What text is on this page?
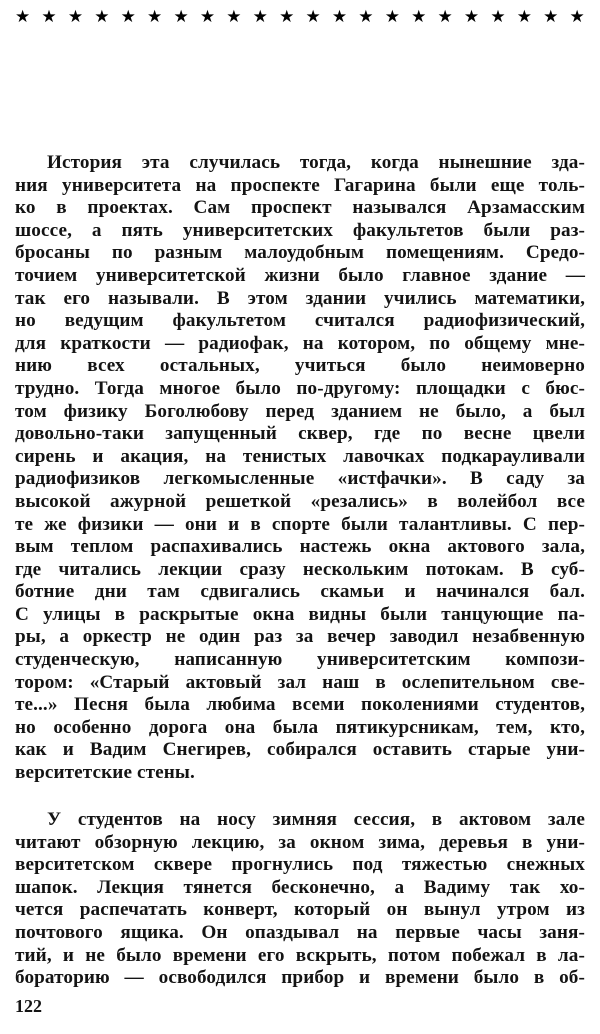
★ ★ ★ ★ ★ ★ ★ ★ ★ ★ ★ ★ ★ ★ ★ ★ ★ ★ ★ ★ ★ ★
История эта случилась тогда, когда нынешние зда-
ния университета на проспекте Гагарина были еще толь-
ко в проектах. Сам проспект назывался Арзамасским
шоссе, а пять университетских факультетов были раз-
бросаны по разным малоудобным помещениям. Средо-
точием университетской жизни было главное здание —
так его называли. В этом здании учились математики,
но ведущим факультетом считался радиофизический,
для краткости — радиофак, на котором, по общему мне-
нию всех остальных, учиться было неимоверно
трудно. Тогда многое было по-другому: площадки с бюс-
том физику Боголюбову перед зданием не было, а был
довольно-таки запущенный сквер, где по весне цвели
сирень и акация, на тенистых лавочках подкарауливали
радиофизиков легкомысленные «истфачки». В саду за
высокой ажурной решеткой «резались» в волейбол все
те же физики — они и в спорте были талантливы. С пер-
вым теплом распахивались настежь окна актового зала,
где читались лекции сразу нескольким потокам. В суб-
ботние дни там сдвигались скамьи и начинался бал.
С улицы в раскрытые окна видны были танцующие па-
ры, а оркестр не один раз за вечер заводил незабвенную
студенческую, написанную университетским компози-
тором: «Старый актовый зал наш в ослепительном све-
те...» Песня была любима всеми поколениями студентов,
но особенно дорога она была пятикурсникам, тем, кто,
как и Вадим Снегирев, собирался оставить старые уни-
верситетские стены.
У студентов на носу зимняя сессия, в актовом зале
читают обзорную лекцию, за окном зима, деревья в уни-
верситетском сквере прогнулись под тяжестью снежных
шапок. Лекция тянется бесконечно, а Вадиму так хо-
чется распечатать конверт, который он вынул утром из
почтового ящика. Он опаздывал на первые часы заня-
тий, и не было времени его вскрыть, потом побежал в ла-
бораторию — освободился прибор и времени было в об-
122
